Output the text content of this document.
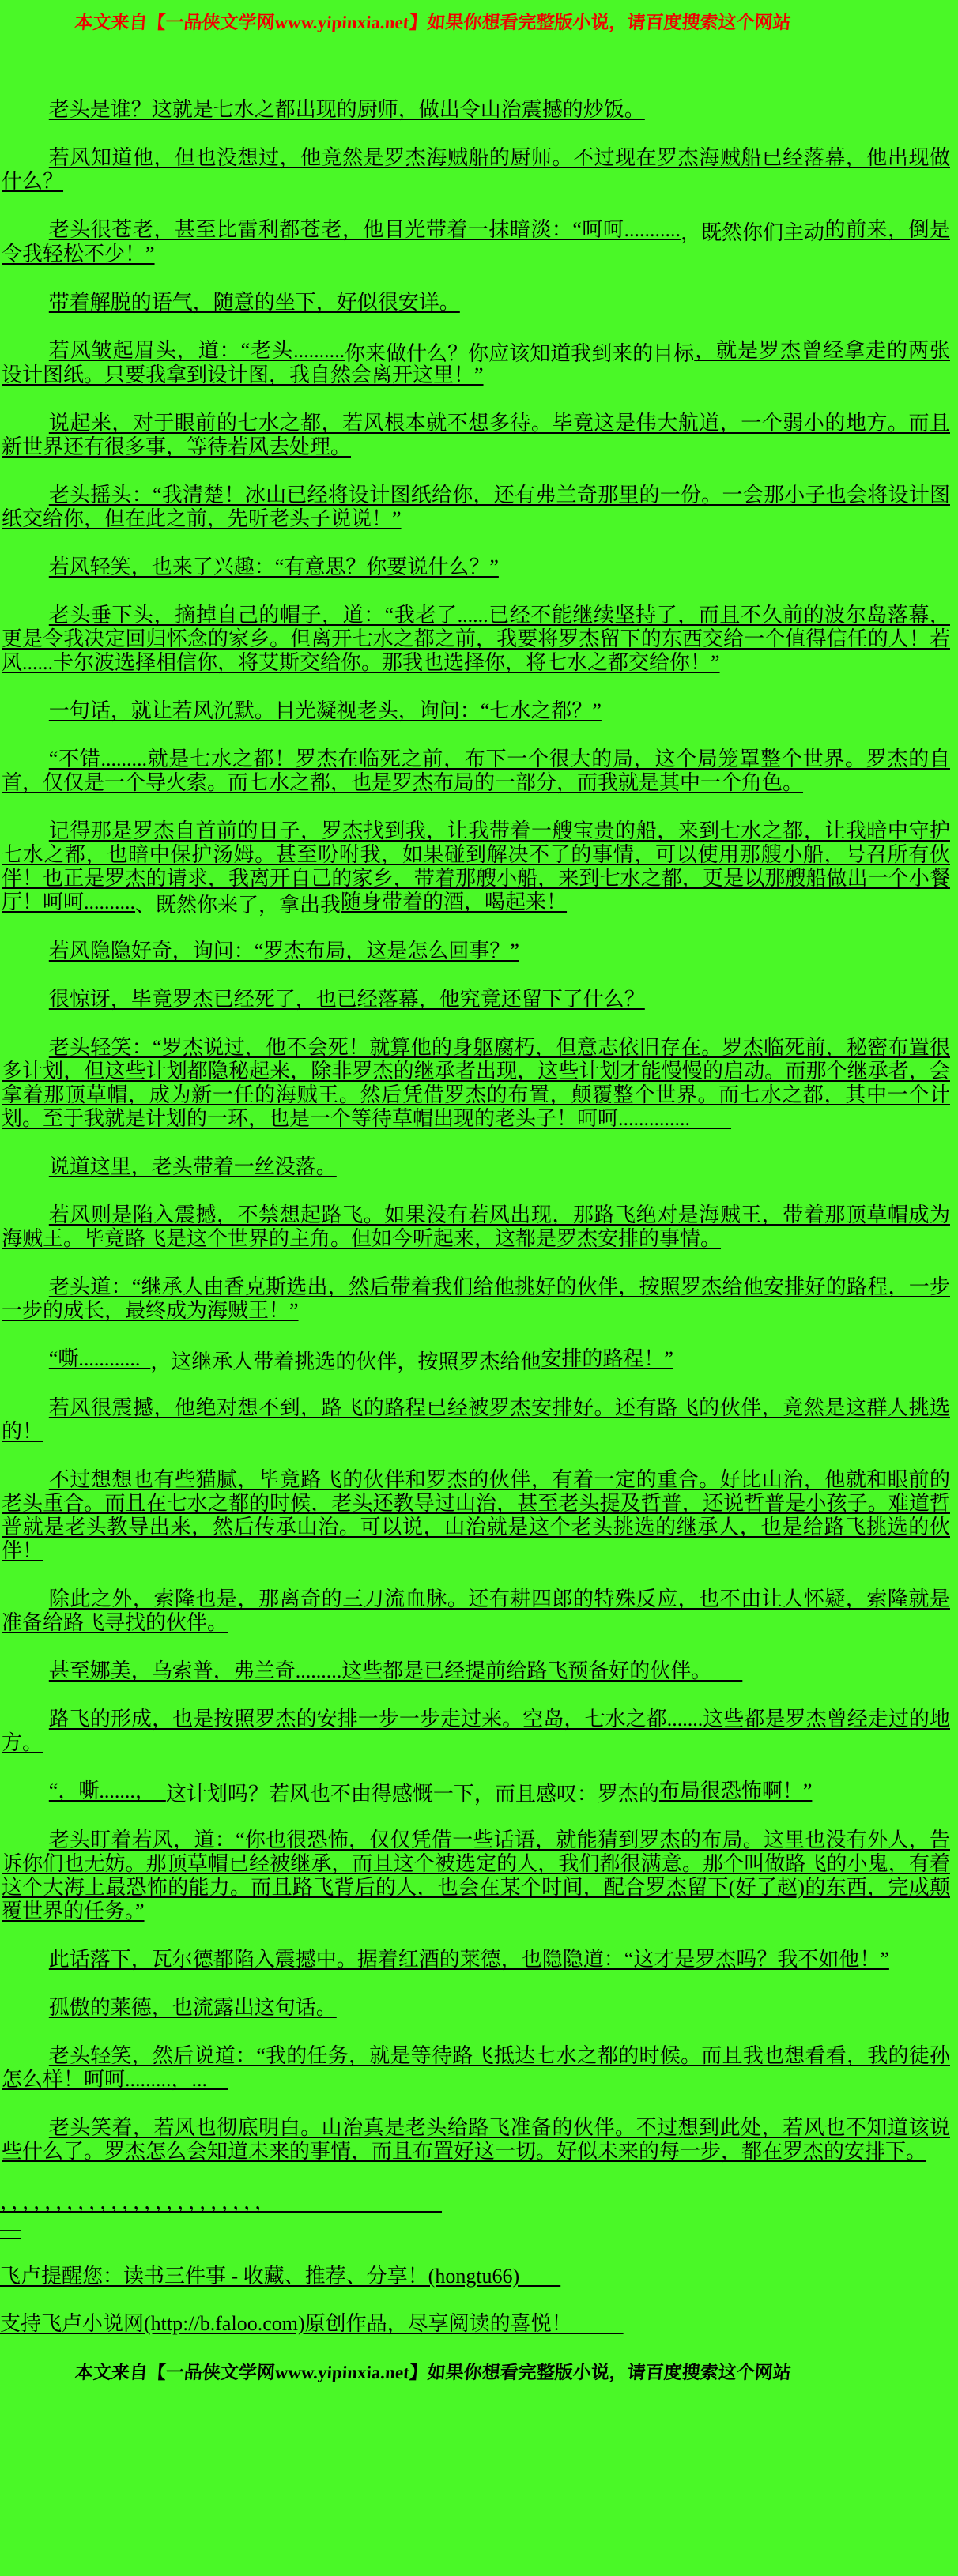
本文来自【一品侠文学网www.yipinxia.net】如果你想看完整版小说，请百度搜索这个网站

老头是谁？这就是七水之都出现的厨师，做出令山治震撼的炒饭。

若风知道他，但也没想过，他竟然是罗杰海贼船的厨师。不过现在罗杰海贼船已经落幕，他出现做什么？

老头很苍老，甚至比雷利都苍老，他目光带着一抹暗淡：“呵呵........... ，既然你们主动 的前来，倒是令我轻松不少！”

带着解脱的语气，随意的坐下，好似很安详。

若风皱起眉头，道：“老头.......... 你来做什么？你应该知道我到来的目标 ，就是罗杰曾经拿走的两张设计图纸。只要我拿到设计图，我自然会离开这里！”

说起来，对于眼前的七水之都，若风根本就不想多待。毕竟这是伟大航道，一个弱小的地方。而且新世界还有很多事，等待若风去处理。

老头摇头：“我清楚！冰山已经将设计图纸给你，还有弗兰奇那里的一份。一会那小子也会将设计图纸交给你，但在此之前，先听老头子说说！”

若风轻笑，也来了兴趣：“有意思？你要说什么？”

老头垂下头，摘掉自己的帽子，道：“我老了......已经不能继续坚持了，而且不久前的波尔岛落幕，更是令我决定回归怀念的家乡。但离开七水之都之前，我要将罗杰留下的东西交给一个值得信任的人！若风......卡尔波选择相信你，将艾斯交给你。那我也选择你，将七水之都交给你！”

一句话，就让若风沉默。目光凝视老头，询问：“七水之都？”

“不错.........就是七水之都！罗杰在临死之前，布下一个很大的局，这个局笼罩整个世界。罗杰的自首，仅仅是一个导火索。而七水之都，也是罗杰布局的一部分，而我就是其中一个角色。

记得那是罗杰自首前的日子，罗杰找到我，让我带着一艘宝贵的船，来到七水之都，让我暗中守护七水之都，也暗中保护汤姆。甚至吩咐我，如果碰到解决不了的事情，可以使用那艘小船，号召所有伙伴！也正是罗杰的请求，我离开自己的家乡，带着那艘小船，来到七水之都，更是以那艘船做出一个小餐厅！呵呵.......... 、既然你来了，拿出我 随身带着的酒，喝起来！

若风隐隐好奇，询问：“罗杰布局，这是怎么回事？”

很惊讶，毕竟罗杰已经死了，也已经落幕，他究竟还留下了什么？

老头轻笑：“罗杰说过，他不会死！就算他的身躯腐朽，但意志依旧存在。罗杰临死前，秘密布置很多计划，但这些计划都隐秘起来，除非罗杰的继承者出现，这些计划才能慢慢的启动。而那个继承者，会拿着那顶草帽，成为新一任的海贼王。然后凭借罗杰的布置，颠覆整个世界。而七水之都，其中一个计划。至于我就是计划的一环，也是一个等待草帽出现的老头子！呵呵..............

说道这里，老头带着一丝没落。

若风则是陷入震撼，不禁想起路飞。如果没有若风出现，那路飞绝对是海贼王，带着那顶草帽成为海贼王。毕竟路飞是这个世界的主角。但如今听起来，这都是罗杰安排的事情。

老头道：“继承人由香克斯选出，然后带着我们给他挑好的伙伴，按照罗杰给他安排好的路程，一步一步的成长，最终成为海贼王！”

“嘶............ ，这继承人带着挑选的伙伴，按照罗杰给他 安排的路程！”

若风很震撼，他绝对想不到，路飞的路程已经被罗杰安排好。还有路飞的伙伴，竟然是这群人挑选的！

不过想想也有些猫腻，毕竟路飞的伙伴和罗杰的伙伴，有着一定的重合。好比山治，他就和眼前的老头重合。而且在七水之都的时候，老头还教导过山治，甚至老头提及哲普，还说哲普是小孩子。难道哲普就是老头教导出来，然后传承山治。可以说，山治就是这个老头挑选的继承人，也是给路飞挑选的伙伴！

除此之外，索隆也是，那离奇的三刀流血脉。还有耕四郎的特殊反应，也不由让人怀疑，索隆就是准备给路飞寻找的伙伴。

甚至娜美，乌索普，弗兰奇.........这些都是已经提前给路飞预备好的伙伴。

路飞的形成，也是按照罗杰的安排一步一步走过来。空岛，七水之都.......这些都是罗杰曾经走过的地方。

“，嘶.......， 这计划吗？若风也不由得感慨一下，而且感叹：罗杰的 布局很恐怖啊！”

老头盯着若风，道：“你也很恐怖，仅仅凭借一些话语，就能猜到罗杰的布局。这里也没有外人，告诉你们也无妨。那顶草帽已经被继承，而且这个被选定的人，我们都很满意。那个叫做路飞的小鬼，有着这个大海上最恐怖的能力。而且路飞背后的人，也会在某个时间，配合罗杰留下(好了赵)的东西，完成颠覆世界的任务。”

此话落下，瓦尔德都陷入震撼中。据着红酒的莱德，也隐隐道：“这才是罗杰吗？我不如他！”

孤傲的莱德，也流露出这句话。

老头轻笑，然后说道：“我的任务，就是等待路飞抵达七水之都的时候。而且我也想看看，我的徒孙怎么样！呵呵.........，...

老头笑着，若风也彻底明白。山治真是老头给路飞准备的伙伴。不过想到此处，若风也不知道该说些什么了。罗杰怎么会知道未来的事情，而且布置好这一切。好似未来的每一步，都在罗杰的安排下。

，，，，，，，，，，，，，，，，，，，，，，，，

—

飞卢提醒您：读书三件事 - 收藏、推荐、分享！(hongtu66)

支持飞卢小说网(http://b.faloo.com)原创作品，尽享阅读的喜悦！

本文来自【一品侠文学网www.yipinxia.net】如果你想看完整版小说，请百度搜索这个网站
